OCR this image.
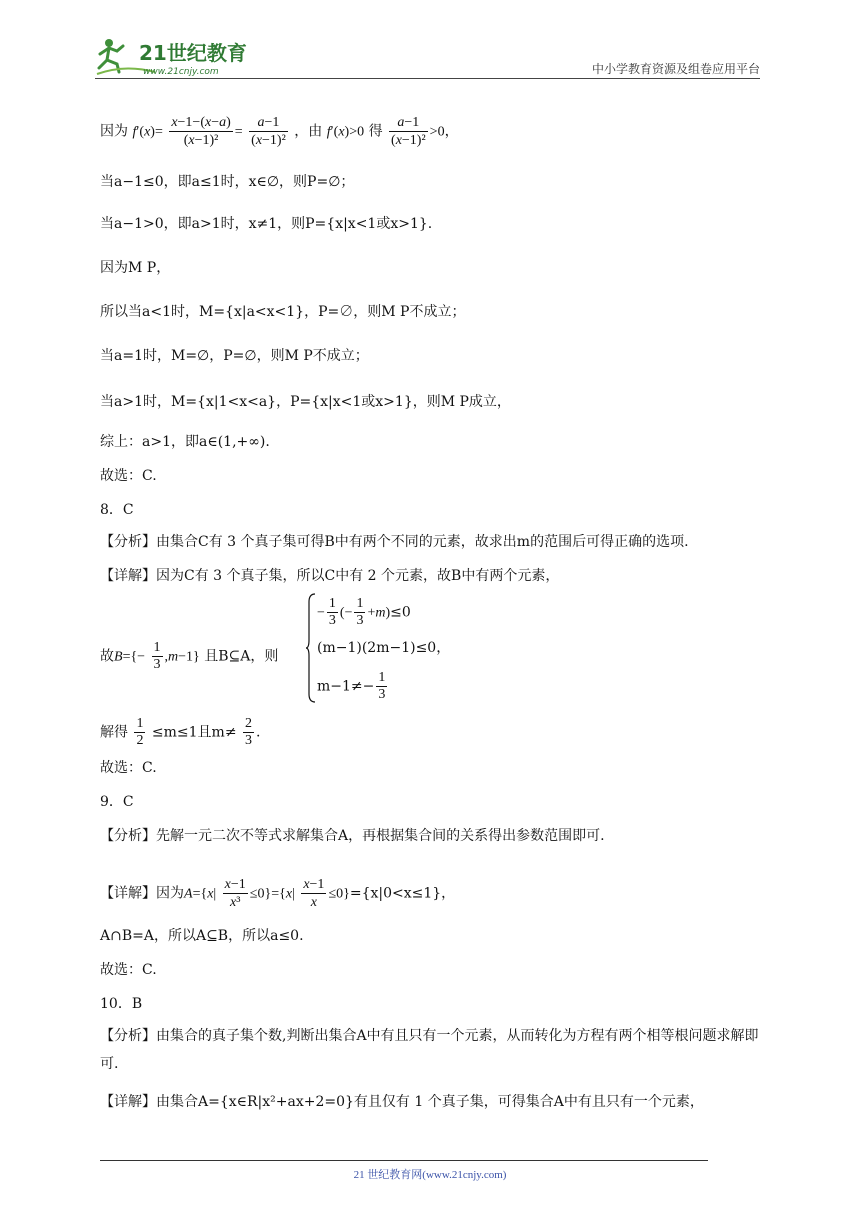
21世纪教育
www.21cnjy.com	中小学教育资源及组卷应用平台
因为 $f'(x)= \frac{x-1-(x-a)}{\text{(x−1)²}} = \frac{a-1}{\text{(x−1)²}}$ ，由 f′(x)>0 得 $\frac{a-1}{\text{(x−1)²}} >0$，
当a−1≤0，即a≤1时，x∈∅，则P=∅；
当a−1>0，即a>1时，x≠1，则P={x|x<1或x>1}.
因为M P，
所以当a<1时，M={x|a<x<1}，P=∅，则M P不成立；
当a=1时，M=∅，P=∅，则M P不成立；
当a>1时，M={x|1<x<a}，P={x|x<1或x>1}，则M P成立，
综上：a>1，即a∈(1,+∞).
故选：C.
8．C
【分析】由集合C有 3 个真子集可得B中有两个不同的元素，故求出m的范围后可得正确的选项.
【详解】因为C有 3 个真子集，所以C中有 2 个元素，故B中有两个元素，
故$B=\{- \frac{1}{3} ,m-1\}$ 且B⊆A，则
− $\frac{1}{3}$ (− $\frac{1}{3} +m)\le 0$
(m−1)(2m−1)≤0，
$m-1\ne- \frac{1}{3}$
解得 $\frac{1}{2} \le m\le 1$且$m\ne \frac{2}{3}$ .
故选：C.
9．C
【分析】先解一元二次不等式求解集合A，再根据集合间的关系得出参数范围即可.
【详解】因为$A=\{x| \frac{x-1}{\text{x³}} \le 0\}=\{x| \frac{x-1}{x} \le 0\}=\{x|0<x\le 1\}$，
A∩B=A，所以A⊆B，所以a≤0.
故选：C.
10．B
【分析】由集合的真子集个数,判断出集合A中有且只有一个元素，从而转化为方程有两个相等根问题求解即可.
【详解】由集合A={x∈R|x²+ax+2=0}有且仅有 1 个真子集，可得集合A中有且只有一个元素，
21 世纪教育网(www.21cnjy.com)
